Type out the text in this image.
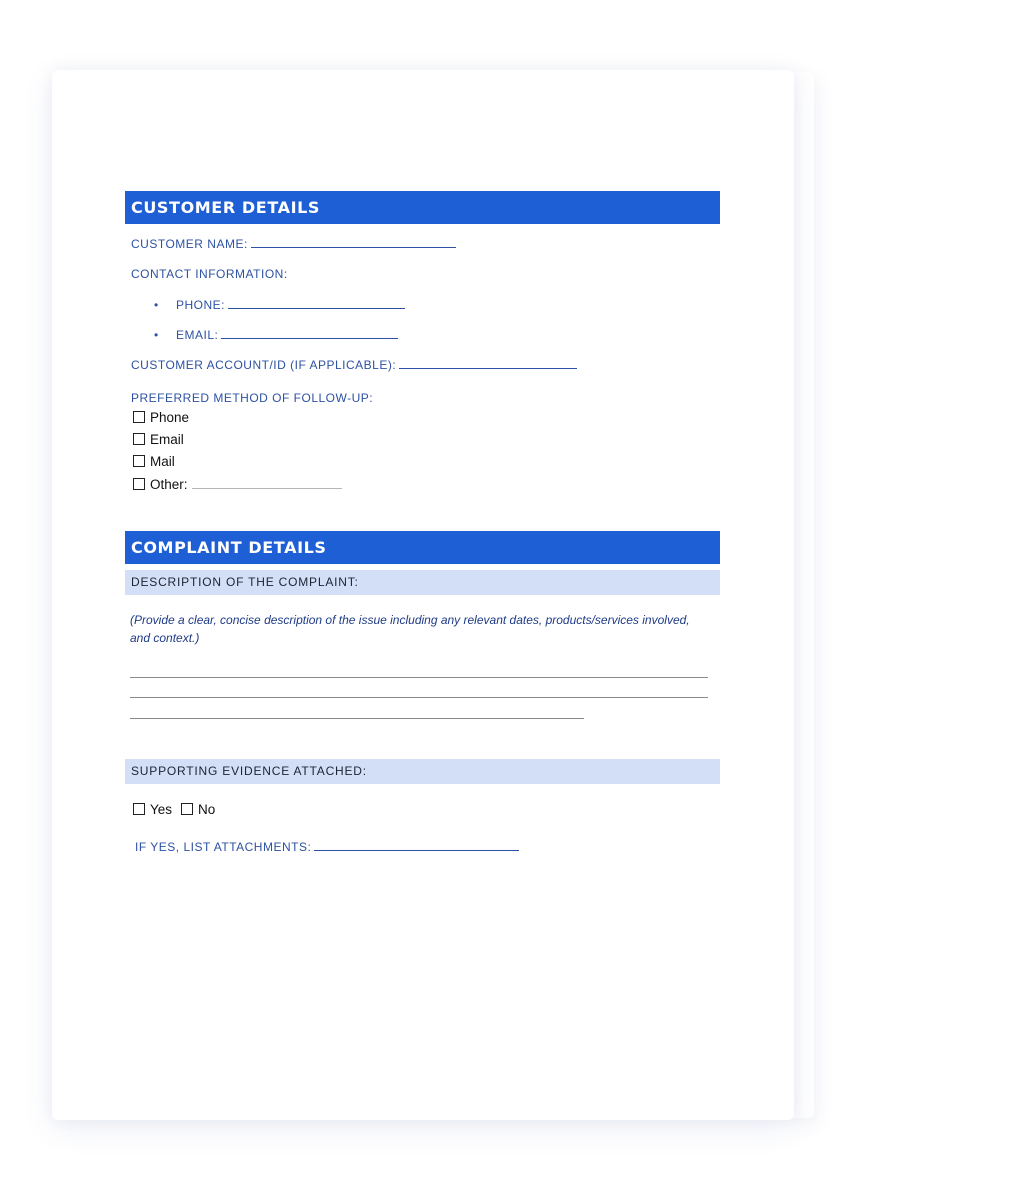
CUSTOMER DETAILS
CUSTOMER NAME:
CONTACT INFORMATION:
• PHONE:
• EMAIL:
CUSTOMER ACCOUNT/ID (IF APPLICABLE):
PREFERRED METHOD OF FOLLOW-UP:
Phone
Email
Mail
Other:
COMPLAINT DETAILS
DESCRIPTION OF THE COMPLAINT:
(Provide a clear, concise description of the issue including any relevant dates, products/services involved, and context.)
SUPPORTING EVIDENCE ATTACHED:
Yes	No
IF YES, LIST ATTACHMENTS:
